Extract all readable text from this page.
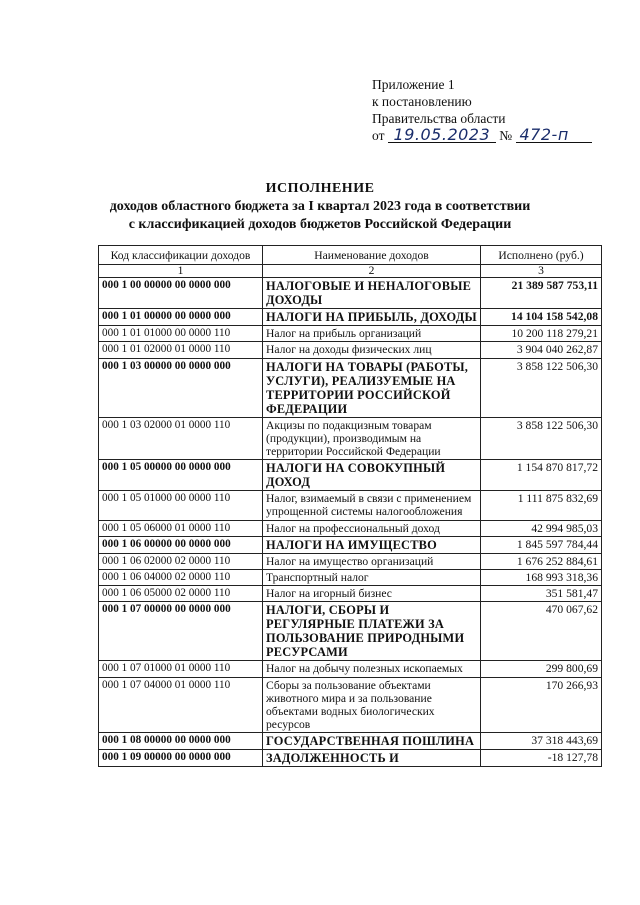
Приложение 1
к постановлению
Правительства области
от 19.05.2023 № 472-п
ИСПОЛНЕНИЕ
доходов областного бюджета за I квартал 2023 года в соответствии
с классификацией доходов бюджетов Российской Федерации
Код классификации доходов	Наименование доходов	Исполнено (руб.)
1	2	3
000 1 00 00000 00 0000 000	НАЛОГОВЫЕ И НЕНАЛОГОВЫЕ ДОХОДЫ	21 389 587 753,11
000 1 01 00000 00 0000 000	НАЛОГИ НА ПРИБЫЛЬ, ДОХОДЫ	14 104 158 542,08
000 1 01 01000 00 0000 110	Налог на прибыль организаций	10 200 118 279,21
000 1 01 02000 01 0000 110	Налог на доходы физических лиц	3 904 040 262,87
000 1 03 00000 00 0000 000	НАЛОГИ НА ТОВАРЫ (РАБОТЫ, УСЛУГИ), РЕАЛИЗУЕМЫЕ НА ТЕРРИТОРИИ РОССИЙСКОЙ ФЕДЕРАЦИИ	3 858 122 506,30
000 1 03 02000 01 0000 110	Акцизы по подакцизным товарам (продукции), производимым на территории Российской Федерации	3 858 122 506,30
000 1 05 00000 00 0000 000	НАЛОГИ НА СОВОКУПНЫЙ ДОХОД	1 154 870 817,72
000 1 05 01000 00 0000 110	Налог, взимаемый в связи с применением упрощенной системы налогообложения	1 111 875 832,69
000 1 05 06000 01 0000 110	Налог на профессиональный доход	42 994 985,03
000 1 06 00000 00 0000 000	НАЛОГИ НА ИМУЩЕСТВО	1 845 597 784,44
000 1 06 02000 02 0000 110	Налог на имущество организаций	1 676 252 884,61
000 1 06 04000 02 0000 110	Транспортный налог	168 993 318,36
000 1 06 05000 02 0000 110	Налог на игорный бизнес	351 581,47
000 1 07 00000 00 0000 000	НАЛОГИ, СБОРЫ И РЕГУЛЯРНЫЕ ПЛАТЕЖИ ЗА ПОЛЬЗОВАНИЕ ПРИРОДНЫМИ РЕСУРСАМИ	470 067,62
000 1 07 01000 01 0000 110	Налог на добычу полезных ископаемых	299 800,69
000 1 07 04000 01 0000 110	Сборы за пользование объектами животного мира и за пользование объектами водных биологических ресурсов	170 266,93
000 1 08 00000 00 0000 000	ГОСУДАРСТВЕННАЯ ПОШЛИНА	37 318 443,69
000 1 09 00000 00 0000 000	ЗАДОЛЖЕННОСТЬ И	-18 127,78
